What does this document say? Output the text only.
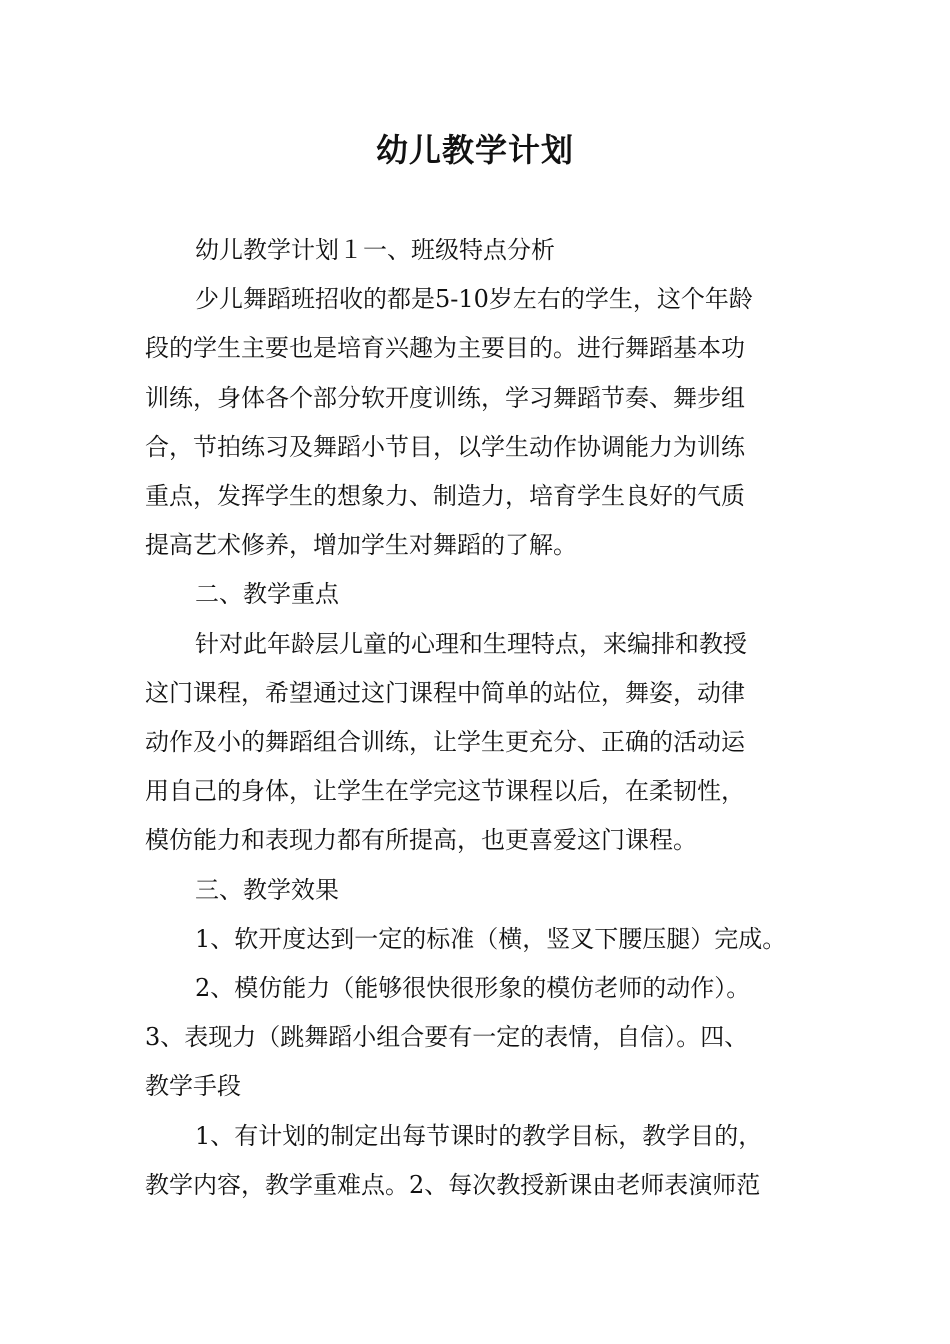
幼儿教学计划

幼儿教学计划１一、班级特点分析

少儿舞蹈班招收的都是5-10岁左右的学生，这个年龄

段的学生主要也是培育兴趣为主要目的。进行舞蹈基本功

训练，身体各个部分软开度训练，学习舞蹈节奏、舞步组

合，节拍练习及舞蹈小节目，以学生动作协调能力为训练

重点，发挥学生的想象力、制造力，培育学生良好的气质

提高艺术修养，增加学生对舞蹈的了解。

二、教学重点

针对此年龄层儿童的心理和生理特点，来编排和教授

这门课程，希望通过这门课程中简单的站位，舞姿，动律

动作及小的舞蹈组合训练，让学生更充分、正确的活动运

用自己的身体，让学生在学完这节课程以后，在柔韧性，

模仿能力和表现力都有所提高，也更喜爱这门课程。

三、教学效果

1、软开度达到一定的标准（横，竖叉下腰压腿）完成。

2、模仿能力（能够很快很形象的模仿老师的动作）。

3、表现力（跳舞蹈小组合要有一定的表情，自信）。四、

教学手段

1、有计划的制定出每节课时的教学目标，教学目的，

教学内容，教学重难点。2、每次教授新课由老师表演师范
